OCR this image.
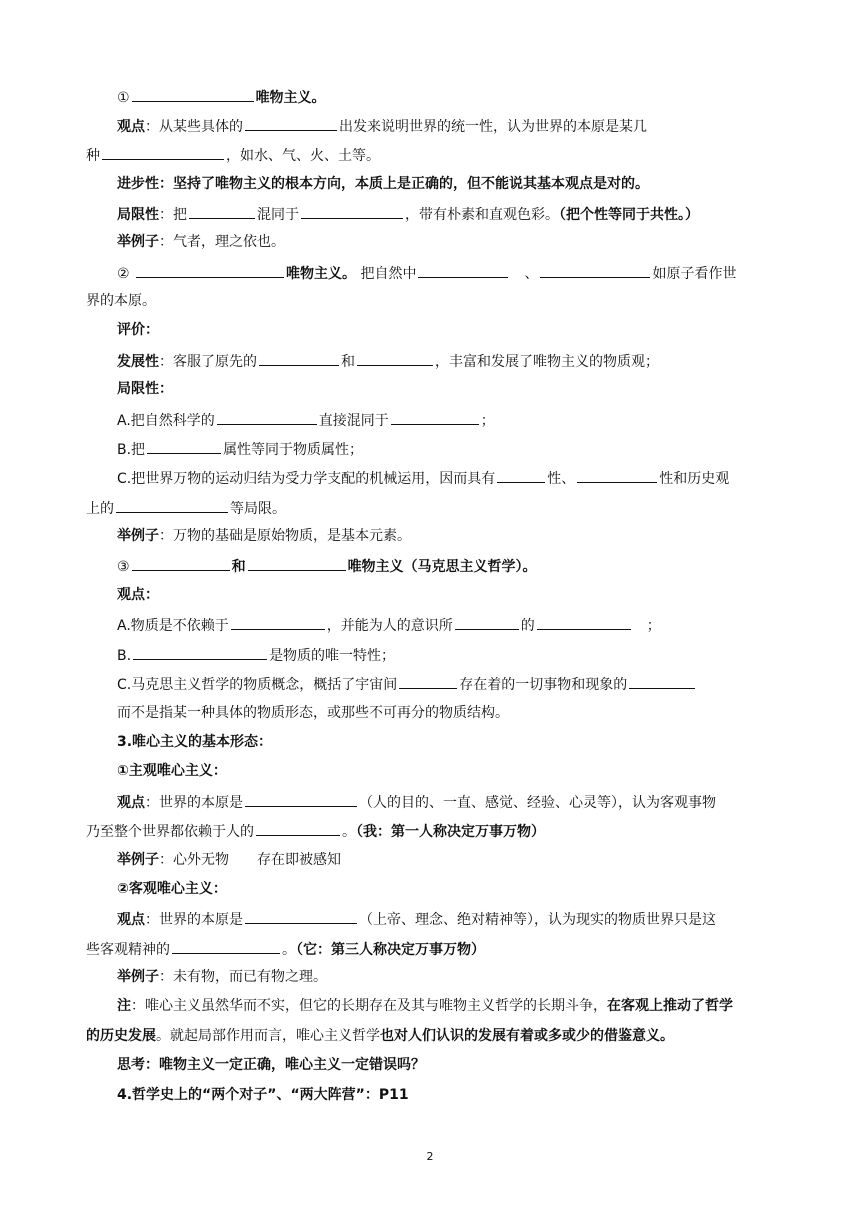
①	唯物主义。
观点：从某些具体的	出发来说明世界的统一性，认为世界的本原是某几
种	，如水、气、火、土等。
进步性：坚持了唯物主义的根本方向，本质上是正确的，但不能说其基本观点是对的。
局限性：把	混同于	，带有朴素和直观色彩。（把个性等同于共性。）
举例子：气者，理之依也。
②	唯物主义。 把自然中　	、	如原子看作世
界的本原。
评价：
发展性：客服了原先的	和	，丰富和发展了唯物主义的物质观；
局限性：
A.把自然科学的	直接混同于	；
B.把	属性等同于物质属性；
C.把世界万物的运动归结为受力学支配的机械运用，因而具有	性、	性和历史观
上的	等局限。
举例子：万物的基础是原始物质，是基本元素。
③	和	唯物主义（马克思主义哲学）。
观点：
A.物质是不依赖于	，并能为人的意识所	的　	；
B.	是物质的唯一特性；
C.马克思主义哲学的物质概念，概括了宇宙间	存在着的一切事物和现象的
而不是指某一种具体的物质形态，或那些不可再分的物质结构。
3.唯心主义的基本形态：
①主观唯心主义：
观点：世界的本原是	（人的目的、一直、感觉、经验、心灵等），认为客观事物
乃至整个世界都依赖于人的	。（我：第一人称决定万事万物）
举例子：心外无物　　存在即被感知
②客观唯心主义：
观点：世界的本原是	（上帝、理念、绝对精神等），认为现实的物质世界只是这
些客观精神的	。（它：第三人称决定万事万物）
举例子：未有物，而已有物之理。
注：唯心主义虽然华而不实，但它的长期存在及其与唯物主义哲学的长期斗争，在客观上推动了哲学
的历史发展。就起局部作用而言，唯心主义哲学也对人们认识的发展有着或多或少的借鉴意义。
思考：唯物主义一定正确，唯心主义一定错误吗？
4.哲学史上的“两个对子”、“两大阵营”：P11
2
